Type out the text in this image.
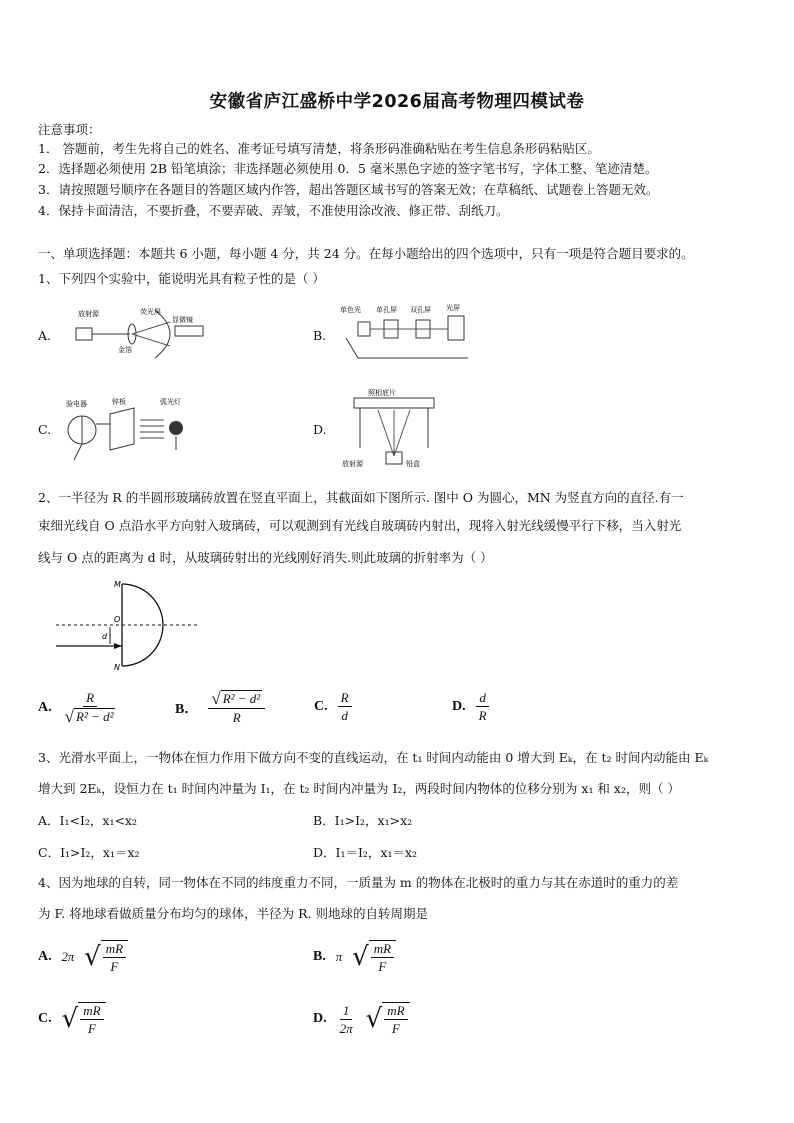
安徽省庐江盛桥中学2026届高考物理四模试卷
注意事项：
1． 答题前，考生先将自己的姓名、准考证号填写清楚，将条形码准确粘贴在考生信息条形码粘贴区。
2．选择题必须使用 2B 铅笔填涂；非选择题必须使用 0．5 毫米黑色字迹的签字笔书写，字体工整、笔迹清楚。
3．请按照题号顺序在各题目的答题区域内作答，超出答题区域书写的答案无效；在草稿纸、试题卷上答题无效。
4．保持卡面清洁，不要折叠，不要弄破、弄皱，不准使用涂改液、修正带、刮纸刀。
一、单项选择题：本题共 6 小题，每小题 4 分，共 24 分。在每小题给出的四个选项中，只有一项是符合题目要求的。
1、下列四个实验中，能说明光具有粒子性的是（ ）
A.
放射源	荧光屏
金箔
显微镜
B.
单色光 单孔屏 双孔屏 光屏
C.
验电器	锌板	弧光灯
D.
照相底片
放射源	铅盒
2、一半径为 R 的半圆形玻璃砖放置在竖直平面上，其截面如下图所示. 图中 O 为圆心，MN 为竖直方向的直径.有一
束细光线自 O 点沿水平方向射入玻璃砖，可以观测到有光线自玻璃砖内射出，现将入射光线缓慢平行下移，当入射光
线与 O 点的距离为 d 时，从玻璃砖射出的光线刚好消失.则此玻璃的折射率为（ ）
M
O
d
N
A. $\frac{R}{\text{√ R² − d²}}$	B． $\frac{\text{√ R² − d²}}{R}$	C. $\frac{R}{d}$	D. $\frac{d}{R}$
3、光滑水平面上，一物体在恒力作用下做方向不变的直线运动，在 t₁ 时间内动能由 0 增大到 Eₖ，在 t₂ 时间内动能由 Eₖ
增大到 2Eₖ，设恒力在 t₁ 时间内冲量为 I₁，在 t₂ 时间内冲量为 I₂，两段时间内物体的位移分别为 x₁ 和 x₂，则（ ）
A．I₁<I₂，x₁<x₂	B．I₁>I₂，x₁>x₂
C．I₁>I₂，x₁＝x₂	D．I₁＝I₂，x₁＝x₂
4、因为地球的自转，同一物体在不同的纬度重力不同，一质量为 m 的物体在北极时的重力与其在赤道时的重力的差
为 F. 将地球看做质量分布均匀的球体，半径为 R. 则地球的自转周期是
A. 2π √ $\frac{mR}{F}$	B. π √ $\frac{mR}{F}$
C. √ $\frac{mR}{F}$	D. $\frac{1}{2\pi}$ √ $\frac{mR}{F}$
